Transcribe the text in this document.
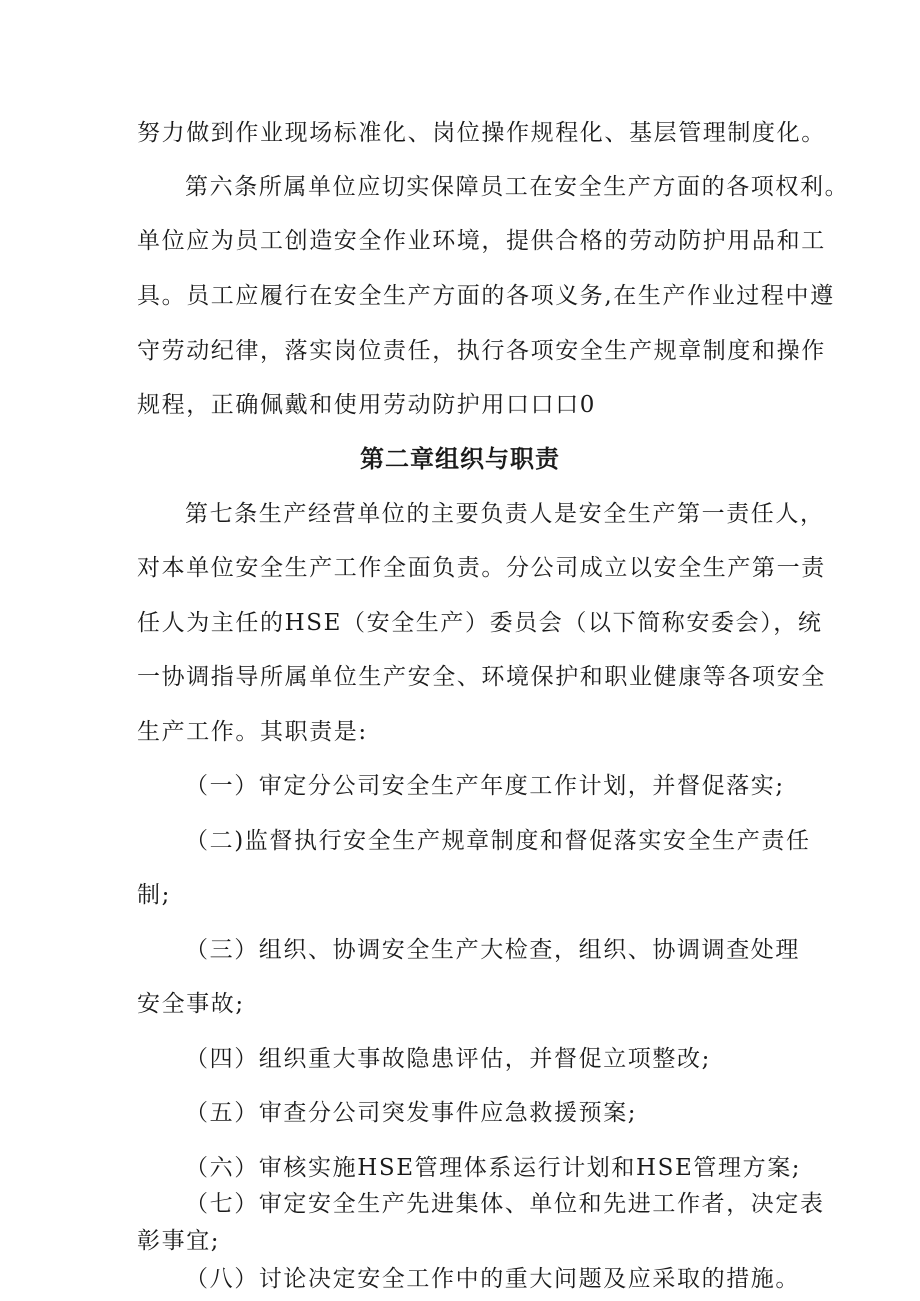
努力做到作业现场标准化、岗位操作规程化、基层管理制度化。
第六条所属单位应切实保障员工在安全生产方面的各项权利。
单位应为员工创造安全作业环境，提供合格的劳动防护用品和工
具。员工应履行在安全生产方面的各项义务,在生产作业过程中遵
守劳动纪律，落实岗位责任，执行各项安全生产规章制度和操作
规程，正确佩戴和使用劳动防护用口口口0
第二章组织与职责
第七条生产经营单位的主要负责人是安全生产第一责任人，
对本单位安全生产工作全面负责。分公司成立以安全生产第一责
任人为主任的HSE（安全生产）委员会（以下简称安委会），统
一协调指导所属单位生产安全、环境保护和职业健康等各项安全
生产工作。其职责是:
（一）审定分公司安全生产年度工作计划，并督促落实;
（二)监督执行安全生产规章制度和督促落实安全生产责任
制;
（三）组织、协调安全生产大检查，组织、协调调查处理
安全事故;
（四）组织重大事故隐患评估，并督促立项整改;
（五）审查分公司突发事件应急救援预案;
（六）审核实施HSE管理体系运行计划和HSE管理方案;
（七）审定安全生产先进集体、单位和先进工作者，决定表
彰事宜;
（八）讨论决定安全工作中的重大问题及应采取的措施。
